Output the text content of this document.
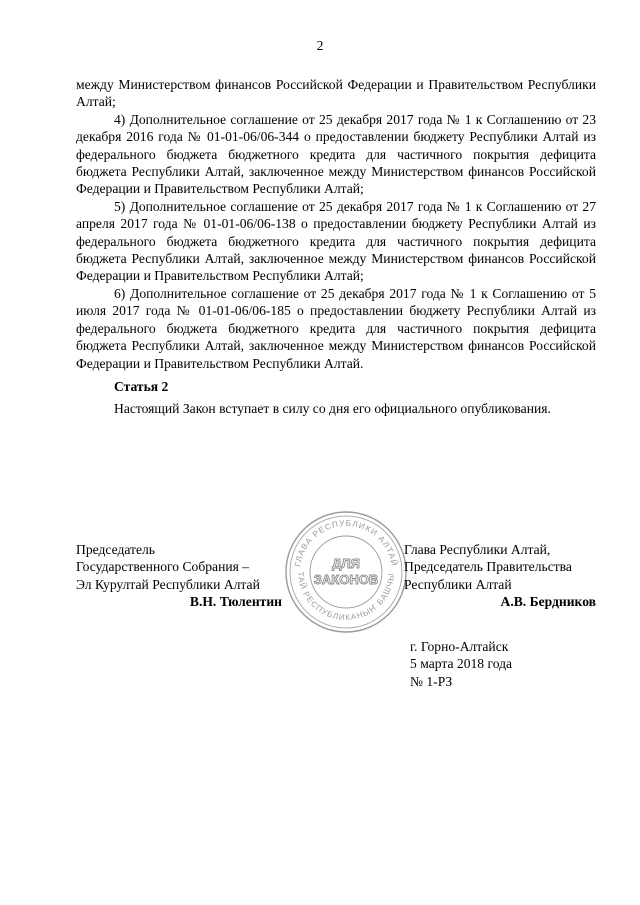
2

между Министерством финансов Российской Федерации и Правительством Республики Алтай;

4) Дополнительное соглашение от 25 декабря 2017 года № 1 к Соглашению от 23 декабря 2016 года № 01-01-06/06-344 о предоставлении бюджету Республики Алтай из федерального бюджета бюджетного кредита для частичного покрытия дефицита бюджета Республики Алтай, заключенное между Министерством финансов Российской Федерации и Правительством Республики Алтай;

5) Дополнительное соглашение от 25 декабря 2017 года № 1 к Соглашению от 27 апреля 2017 года № 01-01-06/06-138 о предоставлении бюджету Республики Алтай из федерального бюджета бюджетного кредита для частичного покрытия дефицита бюджета Республики Алтай, заключенное между Министерством финансов Российской Федерации и Правительством Республики Алтай;

6) Дополнительное соглашение от 25 декабря 2017 года № 1 к Соглашению от 5 июля 2017 года № 01-01-06/06-185 о предоставлении бюджету Республики Алтай из федерального бюджета бюджетного кредита для частичного покрытия дефицита бюджета Республики Алтай, заключенное между Министерством финансов Российской Федерации и Правительством Республики Алтай.

Статья 2

Настоящий Закон вступает в силу со дня его официального опубликования.

Председатель
Государственного Собрания –
Эл Курултай Республики Алтай
В.Н. Тюлентин
ГЛАВА РЕСПУБЛИКИ АЛТАЙ
ТАЙ РЕСПУБЛИКАНЫҤ БАШЧЫ
ДЛЯ
ЗАКОНОВ
Глава Республики Алтай,
Председатель Правительства
Республики Алтай
А.В. Бердников
г. Горно-Алтайск
5 марта 2018 года
№ 1-РЗ
